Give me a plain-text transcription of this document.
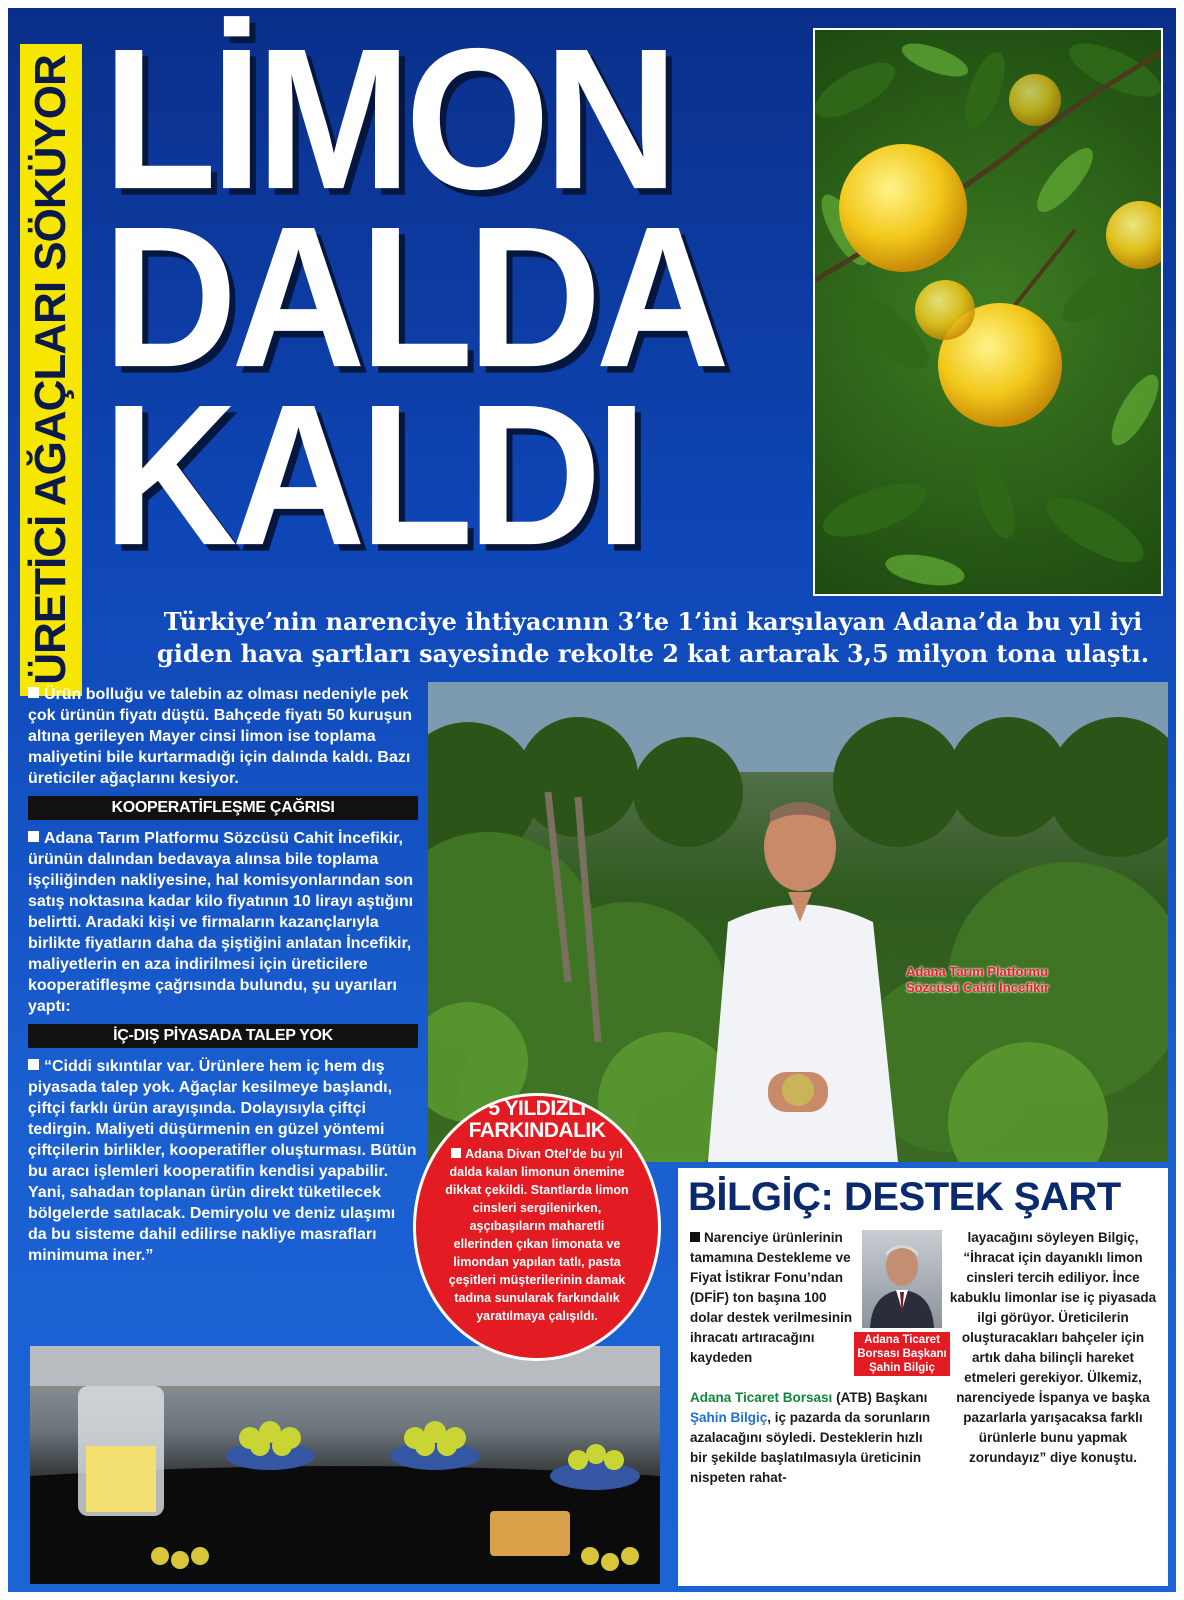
ÜRETİCİ AĞAÇLARI SÖKÜYOR LİMON
DALDA
KALDI
Türkiye’nin narenciye ihtiyacının 3’te 1’ini karşılayan Adana’da bu yıl iyi giden hava şartları sayesinde rekolte 2 kat artarak 3,5 milyon tona ulaştı.

Ürün bolluğu ve talebin az olması nedeniyle pek çok ürünün fiyatı düştü. Bahçede fiyatı 50 kuruşun altına gerileyen Mayer cinsi limon ise toplama maliyetini bile kurtarmadığı için dalında kaldı. Bazı üreticiler ağaçlarını kesiyor.

KOOPERATİFLEŞME ÇAĞRISI

Adana Tarım Platformu Sözcüsü Cahit İncefikir, ürünün dalından bedavaya alınsa bile toplama işçiliğinden nakliyesine, hal komisyonlarından son satış noktasına kadar kilo fiyatının 10 lirayı aştığını belirtti. Aradaki kişi ve firmaların kazançlarıyla birlikte fiyatların daha da şiştiğini anlatan İncefikir, maliyetlerin en aza indirilmesi için üreticilere kooperatifleşme çağrısında bulundu, şu uyarıları yaptı:

İÇ-DIŞ PİYASADA TALEP YOK

“Ciddi sıkıntılar var. Ürünlere hem iç hem dış piyasada talep yok. Ağaçlar kesilmeye başlandı, çiftçi farklı ürün arayışında. Dolayısıyla çiftçi tedirgin. Maliyeti düşürmenin en güzel yöntemi çiftçilerin birlikler, kooperatifler oluşturması. Bütün bu aracı işlemleri kooperatifin kendisi yapabilir. Yani, sahadan toplanan ürün direkt tüketilecek bölgelerde satılacak. Demiryolu ve deniz ulaşımı da bu sisteme dahil edilirse nakliye masrafları minimuma iner.”

Adana Tarım Platformu Sözcüsü Cahit İncefikir
5 YILDIZLI FARKINDALIK
Adana Divan Otel’de bu yıl dalda kalan limonun önemine dikkat çekildi. Stantlarda limon cinsleri sergilenirken, aşçıbaşıların maharetli ellerinden çıkan limonata ve limondan yapılan tatlı, pasta çeşitleri müşterilerinin damak tadına sunularak farkındalık yaratılmaya çalışıldı.
BİLGİÇ: DESTEK ŞART
Narenciye ürünlerinin tamamına Destekleme ve Fiyat İstikrar Fonu’ndan (DFİF) ton başına 100 dolar destek verilmesinin ihracatı artıracağını kaydeden
Adana Ticaret Borsası (ATB) Başkanı Şahin Bilgiç, iç pazarda da sorunların azalacağını söyledi. Desteklerin hızlı bir şekilde başlatılmasıyla üreticinin nispeten rahat-
Adana Ticaret Borsası Başkanı Şahin Bilgiç
layacağını söyleyen Bilgiç, “İhracat için dayanıklı limon cinsleri tercih ediliyor. İnce kabuklu limonlar ise iç piyasada ilgi görüyor. Üreticilerin oluşturacakları bahçeler için artık daha bilinçli hareket etmeleri gerekiyor. Ülkemiz, narenciyede İspanya ve başka pazarlarla yarışacaksa farklı ürünlerle bunu yapmak zorundayız” diye konuştu.
